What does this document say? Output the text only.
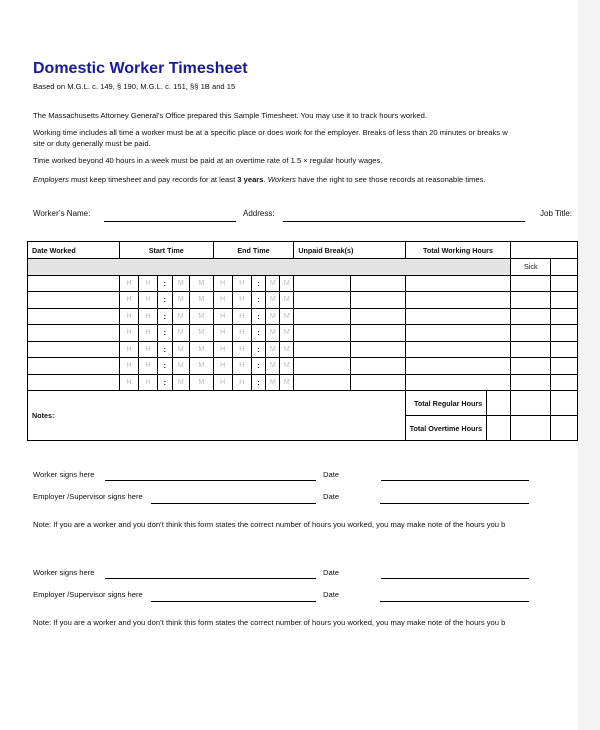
Domestic Worker Timesheet
Based on M.G.L. c. 149, § 190, M.G.L. c. 151, §§ 1B and 15
The Massachusetts Attorney General’s Office prepared this Sample Timesheet. You may use it to track hours worked.
Working time includes all time a worker must be at a specific place or does work for the employer. Breaks of less than 20 minutes or breaks w
site or duty generally must be paid.
Time worked beyond 40 hours in a week must be paid at an overtime rate of 1.5 × regular hourly wages.
Employers must keep timesheet and pay records for at least 3 years. Workers have the right to see those records at reasonable times.
Worker’s Name:	Address:	Job Title:
Date Worked	Start Time					End Time					Unpaid Break(s)		Total Working Hours			
															Sick	
	H	H	:	M	M	H	H	:	M	M						
	H	H	:	M	M	H	H	:	M	M						
	H	H	:	M	M	H	H	:	M	M						
	H	H	:	M	M	H	H	:	M	M						
	H	H	:	M	M	H	H	:	M	M						
	H	H	:	M	M	H	H	:	M	M						
	H	H	:	M	M	H	H	:	M	M						
Notes:													Total Regular Hours			
													Total Overtime Hours			
Worker signs here	Date
Employer /Supervisor signs here	Date
Note: If you are a worker and you don’t think this form states the correct number of hours you worked, you may make note of the hours you b
Worker signs here	Date
Employer /Supervisor signs here	Date
Note: If you are a worker and you don’t think this form states the correct number of hours you worked, you may make note of the hours you b
